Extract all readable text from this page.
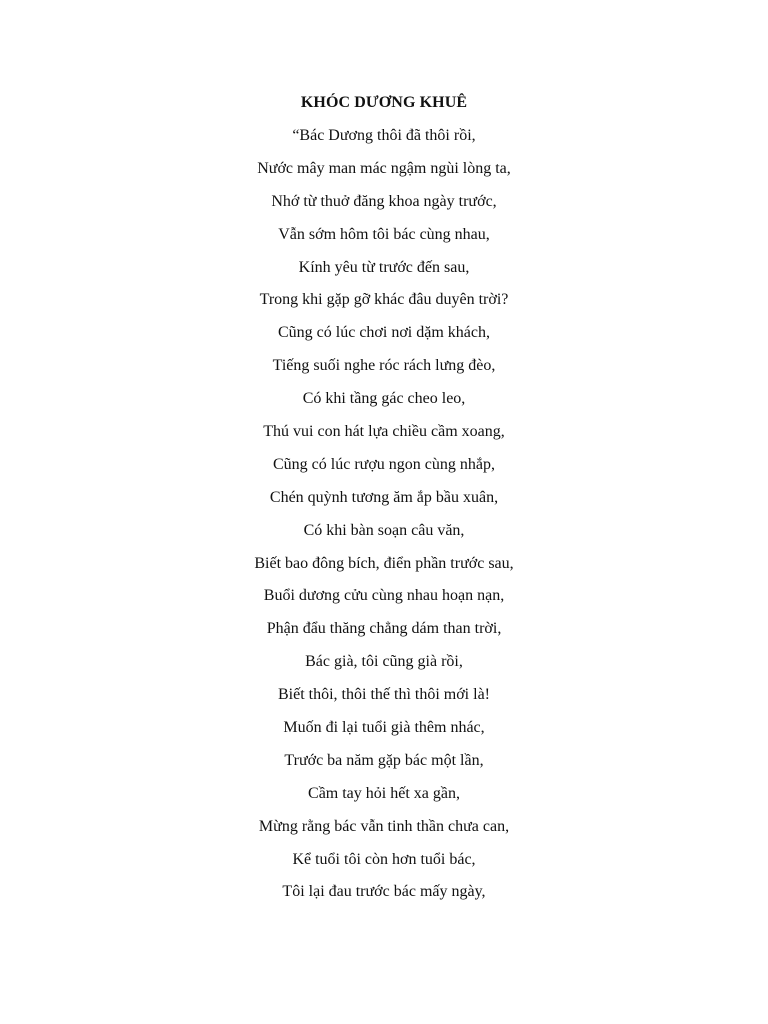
KHÓC DƯƠNG KHUÊ
“Bác Dương thôi đã thôi rồi,
Nước mây man mác ngậm ngùi lòng ta,
Nhớ từ thuở đăng khoa ngày trước,
Vẫn sớm hôm tôi bác cùng nhau,
Kính yêu từ trước đến sau,
Trong khi gặp gỡ khác đâu duyên trời?
Cũng có lúc chơi nơi dặm khách,
Tiếng suối nghe róc rách lưng đèo,
Có khi tầng gác cheo leo,
Thú vui con hát lựa chiều cầm xoang,
Cũng có lúc rượu ngon cùng nhắp,
Chén quỳnh tương ăm ắp bầu xuân,
Có khi bàn soạn câu văn,
Biết bao đông bích, điển phần trước sau,
Buổi dương cửu cùng nhau hoạn nạn,
Phận đẩu thăng chẳng dám than trời,
Bác già, tôi cũng già rồi,
Biết thôi, thôi thế thì thôi mới là!
Muốn đi lại tuổi già thêm nhác,
Trước ba năm gặp bác một lần,
Cầm tay hỏi hết xa gần,
Mừng rằng bác vẫn tinh thần chưa can,
Kể tuổi tôi còn hơn tuổi bác,
Tôi lại đau trước bác mấy ngày,
